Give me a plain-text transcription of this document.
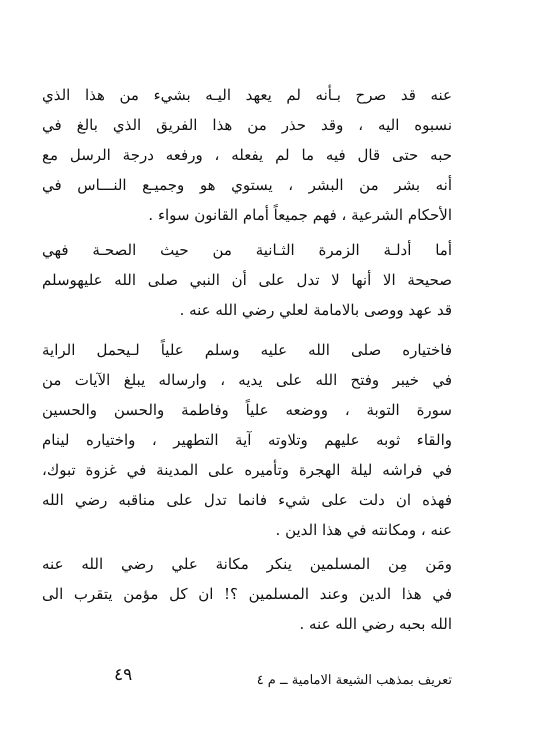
عنه قد صرح بـأنه لم يعهد اليـه بشيء من هذا الذي
نسبوه اليه ، وقد حذر من هذا الفريق الذي بالغ في
حبه حتى قال فيه ما لم يفعله ، ورفعه درجة الرسل مع
أنه بشر من البشر ، يستوي هو وجميـع النـــاس في
الأحكام الشرعية ، فهم جميعاً أمام القانون سواء .
أما أدلـة الزمرة الثـانية من حيث الصحـة فهي
صحيحة الا أنها لا تدل على أن النبي صلى الله عليهوسلم
قد عهد ووصى بالامامة لعلي رضي الله عنه .
فاختياره صلى الله عليه وسلم علياً لـيحمل الراية
في خيبر وفتح الله على يديه ، وارساله يبلغ الآيات من
سورة التوبة ، ووضعه علياً وفاطمة والحسن والحسين
والقاء ثوبه عليهم وتلاوته آية التطهير ، واختياره لينام
في فراشه ليلة الهجرة وتأميره على المدينة في غزوة تبوك،
فهذه ان دلت على شيء فانما تدل على مناقبه رضي الله
عنه ، ومكانته في هذا الدين .
ومَن مِن المسلمين ينكر مكانة علي رضي الله عنه
في هذا الدين وعند المسلمين ؟! ان كل مؤمن يتقرب الى
الله بحبه رضي الله عنه .
٤٩	تعريف بمذهب الشيعة الامامية ــ م ٤
